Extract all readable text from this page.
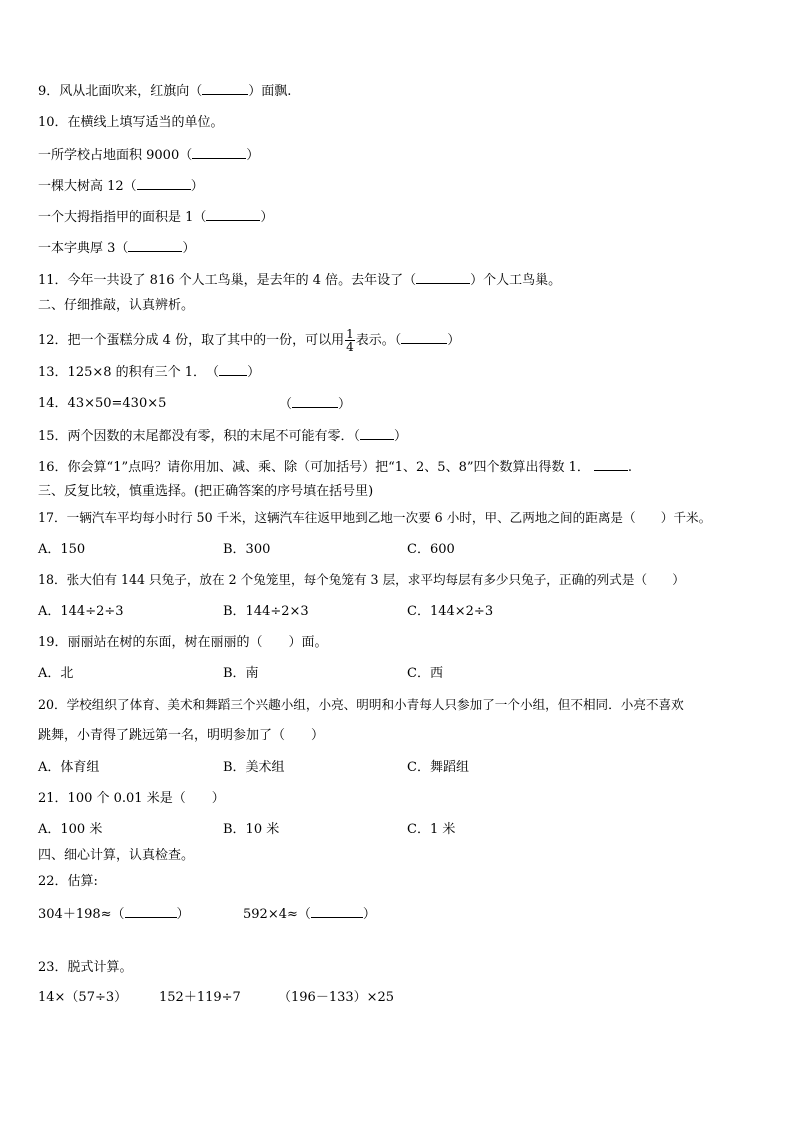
9．风从北面吹来，红旗向（	）面飘.
10．在横线上填写适当的单位。
一所学校占地面积 9000（	）
一棵大树高 12（	）
一个大拇指指甲的面积是 1（	）
一本字典厚 3（	）
11．今年一共设了 816 个人工鸟巢，是去年的 4 倍。去年设了（	）个人工鸟巢。
二、仔细推敲，认真辨析。
12．把一个蛋糕分成 4 份，取了其中的一份，可以用 $\frac{1}{4}$ 表示。（	）
13．125×8 的积有三个 1．　（ ）
14．43×50=430×5	（	）
15．两个因数的末尾都没有零，积的末尾不可能有零．（	）
16．你会算“1”点吗？请你用加、减、乘、除（可加括号）把“1、2、5、8”四个数算出得数 1．	.
三、反复比较，慎重选择。(把正确答案的序号填在括号里)
17．一辆汽车平均每小时行 50 千米，这辆汽车往返甲地到乙地一次要 6 小时，甲、乙两地之间的距离是（　　）千米。
A．150	B．300	C．600
18．张大伯有 144 只兔子，放在 2 个兔笼里，每个兔笼有 3 层，求平均每层有多少只兔子，正确的列式是（　　）
A．144÷2÷3	B．144÷2×3	C．144×2÷3
19．丽丽站在树的东面，树在丽丽的（　　）面。
A．北	B．南	C．西
20．学校组织了体育、美术和舞蹈三个兴趣小组，小亮、明明和小青每人只参加了一个小组，但不相同．小亮不喜欢
跳舞，小青得了跳远第一名，明明参加了（　　）
A．体育组	B．美术组	C．舞蹈组
21．100 个 0.01 米是（　　）
A．100 米	B．10 米	C．1 米
四、细心计算，认真检查。
22．估算:
304＋198≈（	）	592×4≈（	）
23．脱式计算。
14×（57÷3） 152＋119÷7	（196－133）×25
